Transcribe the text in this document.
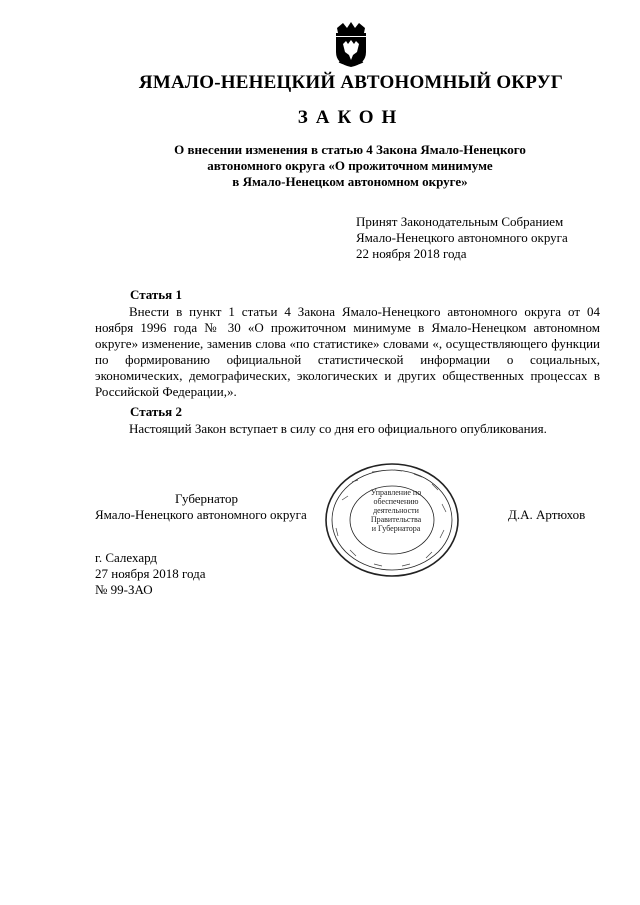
ЯМАЛО-НЕНЕЦКИЙ АВТОНОМНЫЙ ОКРУГ
ЗАКОН
О внесении изменения в статью 4 Закона Ямало-Ненецкого
автономного округа «О прожиточном минимуме
в Ямало-Ненецком автономном округе»
Принят Законодательным Собранием
Ямало-Ненецкого автономного округа
22 ноября 2018 года
Статья 1

Внести в пункт 1 статьи 4 Закона Ямало-Ненецкого автономного округа от 04 ноября 1996 года № 30 «О прожиточном минимуме в Ямало-Ненецком автономном округе» изменение, заменив слова «по статистике» словами «, осуществляющего функции по формированию официальной статистической информации о социальных, экономических, демографических, экологических и других общественных процессах в Российской Федерации,».

Статья 2

Настоящий Закон вступает в силу со дня его официального опубликования.

Губернатор
Ямало-Ненецкого автономного округа	Д.А. Артюхов
Управление по
обеспечению
деятельности
Правительства
и Губернатора
г. Салехард
27 ноября 2018 года
№ 99-ЗАО
